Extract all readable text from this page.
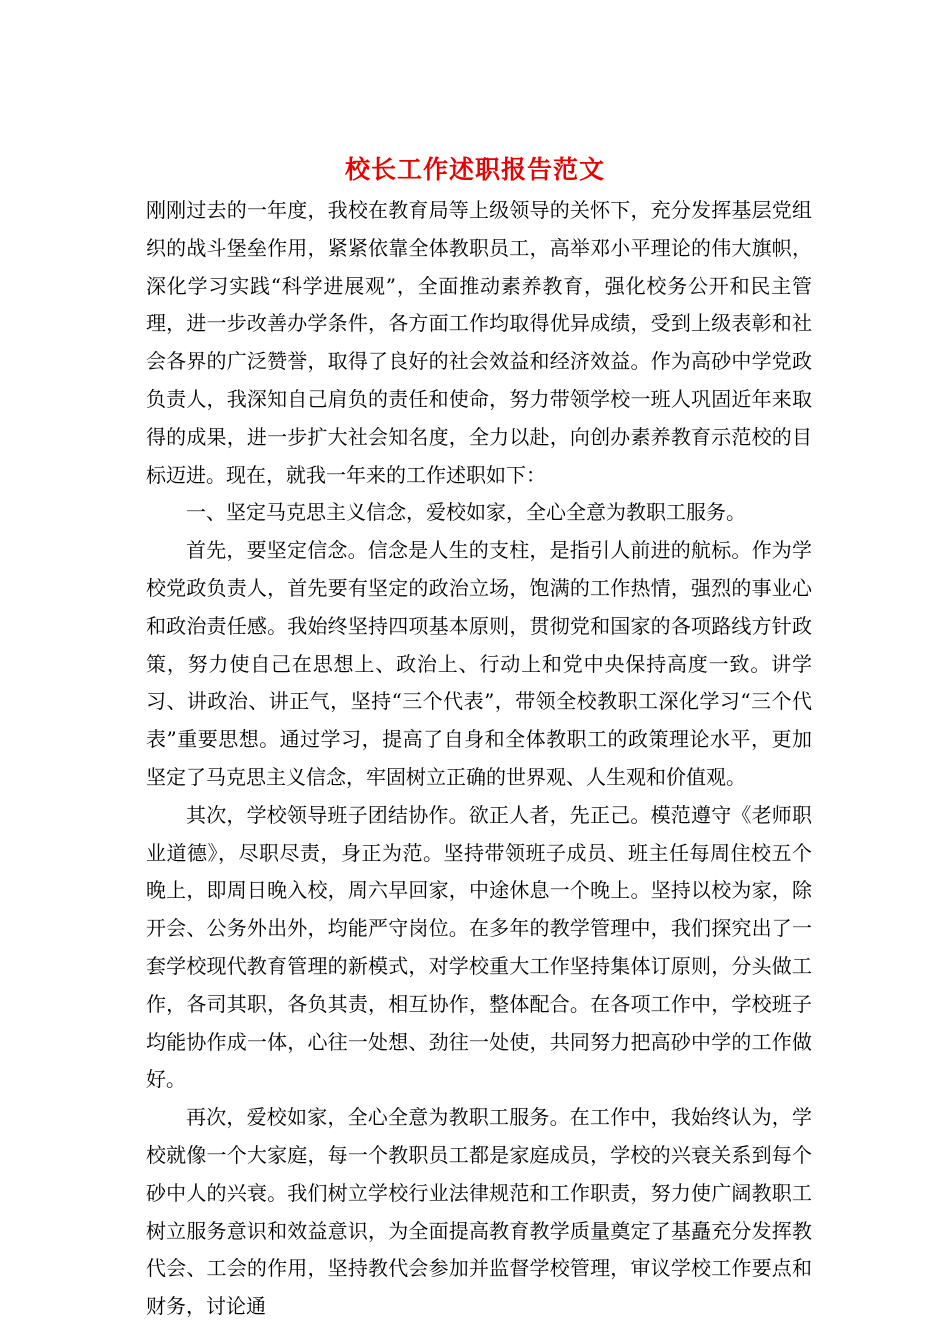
校长工作述职报告范文

刚刚过去的一年度，我校在教育局等上级领导的关怀下，充分发挥基层党组织的战斗堡垒作用，紧紧依靠全体教职员工，高举邓小平理论的伟大旗帜，深化学习实践“科学进展观”，全面推动素养教育，强化校务公开和民主管理，进一步改善办学条件，各方面工作均取得优异成绩，受到上级表彰和社会各界的广泛赞誉，取得了良好的社会效益和经济效益。作为高砂中学党政负责人，我深知自己肩负的责任和使命，努力带领学校一班人巩固近年来取得的成果，进一步扩大社会知名度，全力以赴，向创办素养教育示范校的目标迈进。现在，就我一年来的工作述职如下：

一、坚定马克思主义信念，爱校如家，全心全意为教职工服务。

首先，要坚定信念。信念是人生的支柱，是指引人前进的航标。作为学校党政负责人，首先要有坚定的政治立场，饱满的工作热情，强烈的事业心和政治责任感。我始终坚持四项基本原则，贯彻党和国家的各项路线方针政策，努力使自己在思想上、政治上、行动上和党中央保持高度一致。讲学习、讲政治、讲正气，坚持“三个代表”，带领全校教职工深化学习“三个代表”重要思想。通过学习，提高了自身和全体教职工的政策理论水平，更加坚定了马克思主义信念，牢固树立正确的世界观、人生观和价值观。

其次，学校领导班子团结协作。欲正人者，先正己。模范遵守《老师职业道德》，尽职尽责，身正为范。坚持带领班子成员、班主任每周住校五个晚上，即周日晚入校，周六早回家，中途休息一个晚上。坚持以校为家，除开会、公务外出外，均能严守岗位。在多年的教学管理中，我们探究出了一套学校现代教育管理的新模式，对学校重大工作坚持集体订原则，分头做工作，各司其职，各负其责，相互协作，整体配合。在各项工作中，学校班子均能协作成一体，心往一处想、劲往一处使，共同努力把高砂中学的工作做好。

再次，爱校如家，全心全意为教职工服务。在工作中，我始终认为，学校就像一个大家庭，每一个教职员工都是家庭成员，学校的兴衰关系到每个砂中人的兴衰。我们树立学校行业法律规范和工作职责，努力使广阔教职工树立服务意识和效益意识，为全面提高教育教学质量奠定了基矗充分发挥教代会、工会的作用，坚持教代会参加并监督学校管理，审议学校工作要点和财务，讨论通
